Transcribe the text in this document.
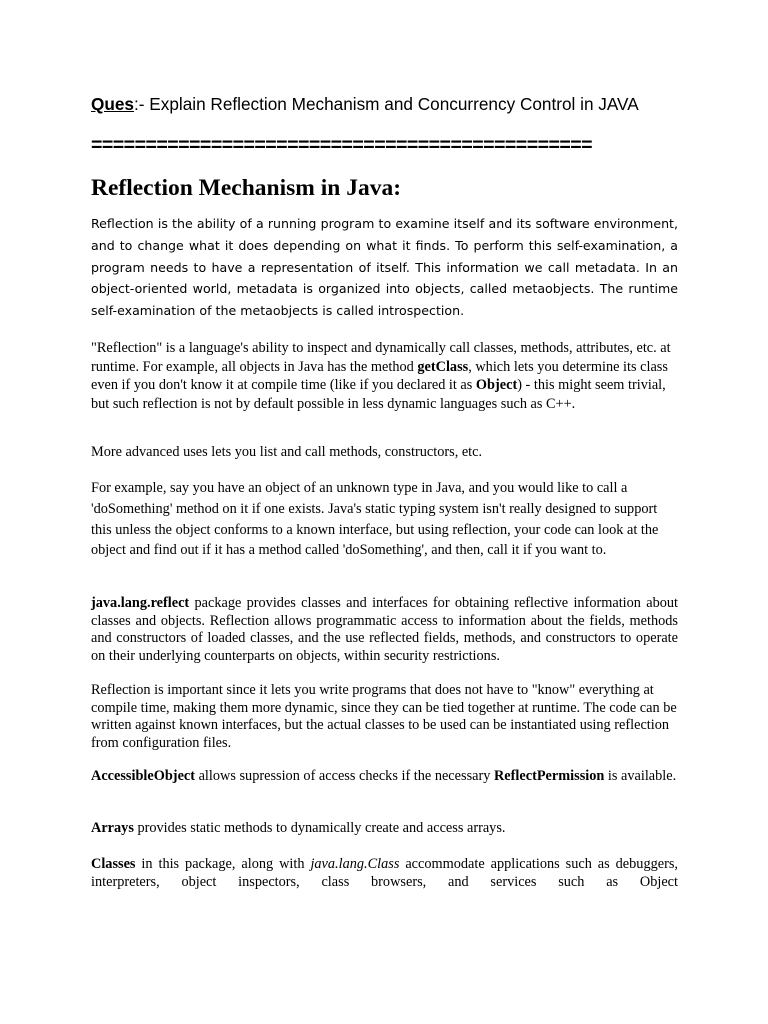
Ques:- Explain Reflection Mechanism and Concurrency Control in JAVA

==============================================

Reflection Mechanism in Java:

Reflection is the ability of a running program to examine itself and its software environment, and to change what it does depending on what it finds. To perform this self-examination, a program needs to have a representation of itself. This information we call metadata. In an object-oriented world, metadata is organized into objects, called metaobjects. The runtime self-examination of the metaobjects is called introspection.

"Reflection" is a language's ability to inspect and dynamically call classes, methods, attributes, etc. at runtime. For example, all objects in Java has the method getClass, which lets you determine its class even if you don't know it at compile time (like if you declared it as Object) - this might seem trivial, but such reflection is not by default possible in less dynamic languages such as C++.

More advanced uses lets you list and call methods, constructors, etc.

For example, say you have an object of an unknown type in Java, and you would like to call a 'doSomething' method on it if one exists. Java's static typing system isn't really designed to support this unless the object conforms to a known interface, but using reflection, your code can look at the object and find out if it has a method called 'doSomething', and then, call it if you want to.

java.lang.reflect package provides classes and interfaces for obtaining reflective information about classes and objects. Reflection allows programmatic access to information about the fields, methods and constructors of loaded classes, and the use reflected fields, methods, and constructors to operate on their underlying counterparts on objects, within security restrictions.

Reflection is important since it lets you write programs that does not have to "know" everything at compile time, making them more dynamic, since they can be tied together at runtime. The code can be written against known interfaces, but the actual classes to be used can be instantiated using reflection from configuration files.

AccessibleObject allows supression of access checks if the necessary ReflectPermission is available.

Arrays provides static methods to dynamically create and access arrays.

Classes in this package, along with java.lang.Class accommodate applications such as debuggers, interpreters, object inspectors, class browsers, and services such as Object
